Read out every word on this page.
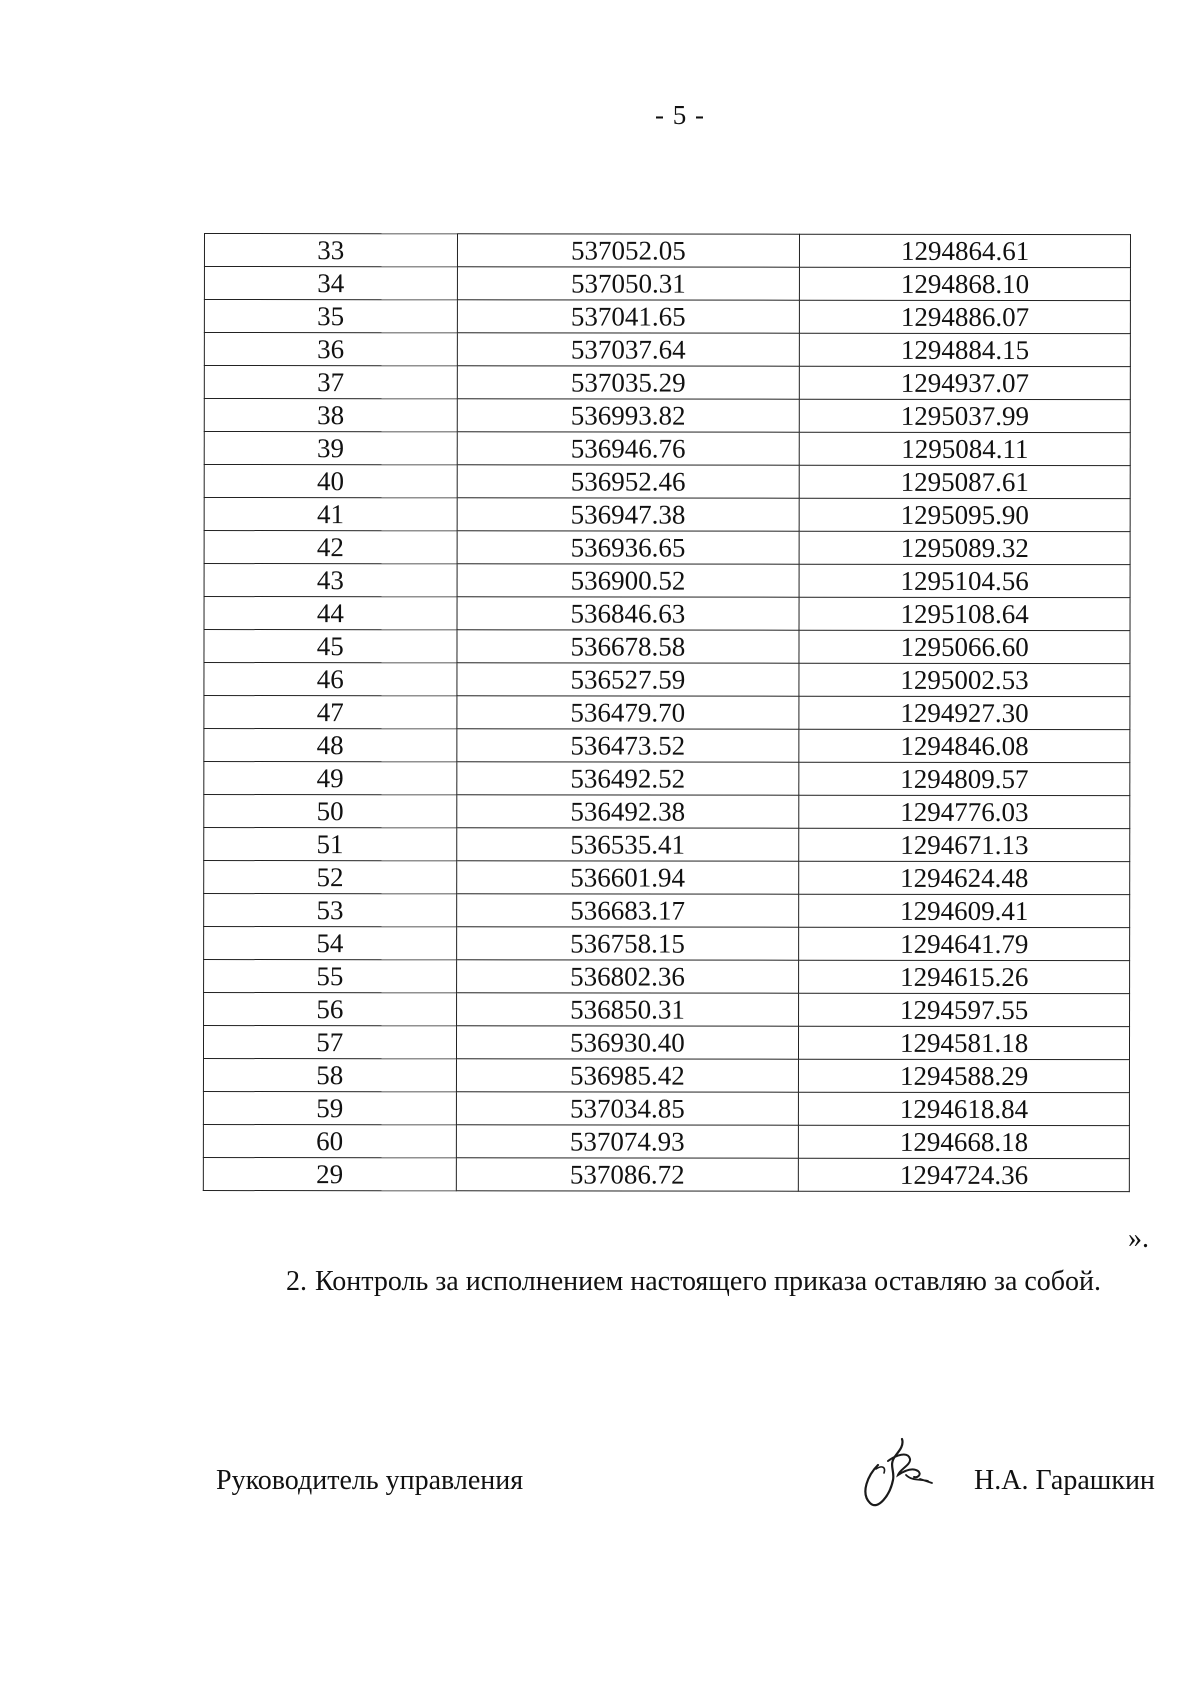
- 5 -
33	537052.05	1294864.61
34	537050.31	1294868.10
35	537041.65	1294886.07
36	537037.64	1294884.15
37	537035.29	1294937.07
38	536993.82	1295037.99
39	536946.76	1295084.11
40	536952.46	1295087.61
41	536947.38	1295095.90
42	536936.65	1295089.32
43	536900.52	1295104.56
44	536846.63	1295108.64
45	536678.58	1295066.60
46	536527.59	1295002.53
47	536479.70	1294927.30
48	536473.52	1294846.08
49	536492.52	1294809.57
50	536492.38	1294776.03
51	536535.41	1294671.13
52	536601.94	1294624.48
53	536683.17	1294609.41
54	536758.15	1294641.79
55	536802.36	1294615.26
56	536850.31	1294597.55
57	536930.40	1294581.18
58	536985.42	1294588.29
59	537034.85	1294618.84
60	537074.93	1294668.18
29	537086.72	1294724.36
».
2. Контроль за исполнением настоящего приказа оставляю за собой.
Руководитель управления	Н.А. Гарашкин
